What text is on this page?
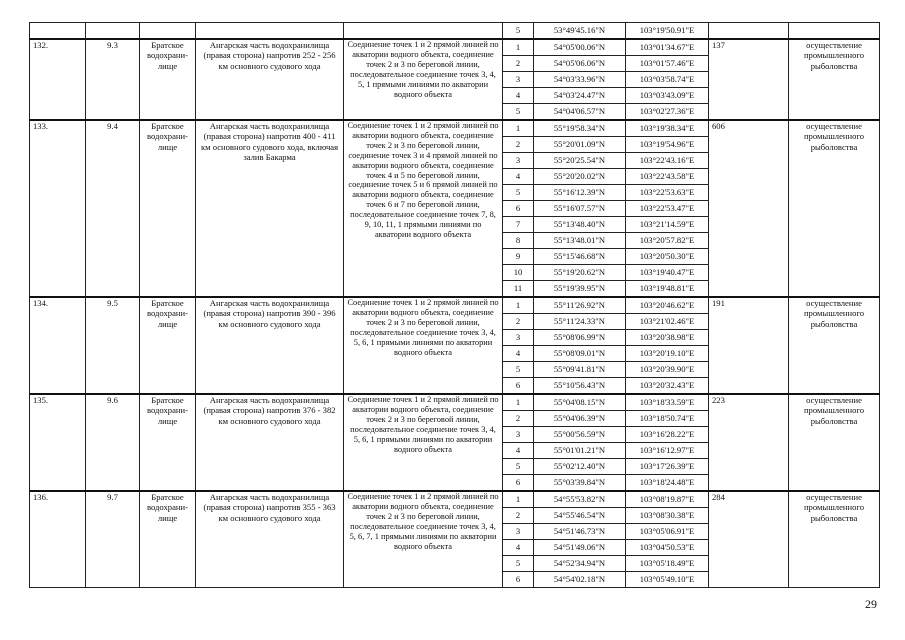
					5	53°49'45.16"N	103°19'50.91"E		
132.	9.3	Братское водохрани-лище	Ангарская часть водохранилища (правая сторона) напротив 252 - 256 км основного судового хода	Соединение точек 1 и 2 прямой линией по акватории водного объекта, соединение точек 2 и 3 по береговой линии, последовательное соединение точек 3, 4, 5, 1 прямыми линиями по акватории водного объекта	1	54°05'00.06"N	103°01'34.67"E	137	осуществление промышленного рыболовства
					2	54°05'06.06"N	103°01'57.46"E		
					3	54°03'33.96"N	103°03'58.74"E		
					4	54°03'24.47"N	103°03'43.09"E		
					5	54°04'06.57"N	103°02'27.36"E		
133.	9.4	Братское водохрани-лище	Ангарская часть водохранилища (правая сторона) напротив 400 - 411 км основного судового хода, включая залив Бакарма	Соединение точек 1 и 2 прямой линией по акватории водного объекта, соединение точек 2 и 3 по береговой линии, соединение точек 3 и 4 прямой линией по акватории водного объекта, соединение точек 4 и 5 по береговой линии, соединение точек 5 и 6 прямой линией по акватории водного объекта, соединение точек 6 и 7 по береговой линии, последовательное соединение точек 7, 8, 9, 10, 11, 1 прямыми линиями по акватории водного объекта	1	55°19'58.34"N	103°19'38.34"E	606	осуществление промышленного рыболовства
					2	55°20'01.09"N	103°19'54.96"E		
					3	55°20'25.54"N	103°22'43.16"E		
					4	55°20'20.02"N	103°22'43.58"E		
					5	55°16'12.39"N	103°22'53.63"E		
					6	55°16'07.57"N	103°22'53.47"E		
					7	55°13'48.40"N	103°21'14.59"E		
					8	55°13'48.01"N	103°20'57.82"E		
					9	55°15'46.68"N	103°20'50.30"E		
					10	55°19'20.62"N	103°19'40.47"E		
					11	55°19'39.95"N	103°19'48.81"E		
134.	9.5	Братское водохрани-лище	Ангарская часть водохранилища (правая сторона) напротив 390 - 396 км основного судового хода	Соединение точек 1 и 2 прямой линией по акватории водного объекта, соединение точек 2 и 3 по береговой линии, последовательное соединение точек 3, 4, 5, 6, 1 прямыми линиями по акватории водного объекта	1	55°11'26.92"N	103°20'46.62"E	191	осуществление промышленного рыболовства
					2	55°11'24.33"N	103°21'02.46"E		
					3	55°08'06.99"N	103°20'38.98"E		
					4	55°08'09.01"N	103°20'19.10"E		
					5	55°09'41.81"N	103°20'39.90"E		
					6	55°10'56.43"N	103°20'32.43"E		
135.	9.6	Братское водохрани-лище	Ангарская часть водохранилища (правая сторона) напротив 376 - 382 км основного судового хода	Соединение точек 1 и 2 прямой линией по акватории водного объекта, соединение точек 2 и 3 по береговой линии, последовательное соединение точек 3, 4, 5, 6, 1 прямыми линиями по акватории водного объекта	1	55°04'08.15"N	103°18'33.59"E	223	осуществление промышленного рыболовства
					2	55°04'06.39"N	103°18'50.74"E		
					3	55°00'56.59"N	103°16'28.22"E		
					4	55°01'01.21"N	103°16'12.97"E		
					5	55°02'12.40"N	103°17'26.39"E		
					6	55°03'39.84"N	103°18'24.48"E		
136.	9.7	Братское водохрани-лище	Ангарская часть водохранилища (правая сторона) напротив 355 - 363 км основного судового хода	Соединение точек 1 и 2 прямой линией по акватории водного объекта, соединение точек 2 и 3 по береговой линии, последовательное соединение точек 3, 4, 5, 6, 7, 1 прямыми линиями по акватории водного объекта	1	54°55'53.82"N	103°08'19.87"E	284	осуществление промышленного рыболовства
					2	54°55'46.54"N	103°08'30.38"E		
					3	54°51'46.73"N	103°05'06.91"E		
					4	54°51'49.06"N	103°04'50.53"E		
					5	54°52'34.94"N	103°05'18.49"E		
					6	54°54'02.18"N	103°05'49.10"E		
29
